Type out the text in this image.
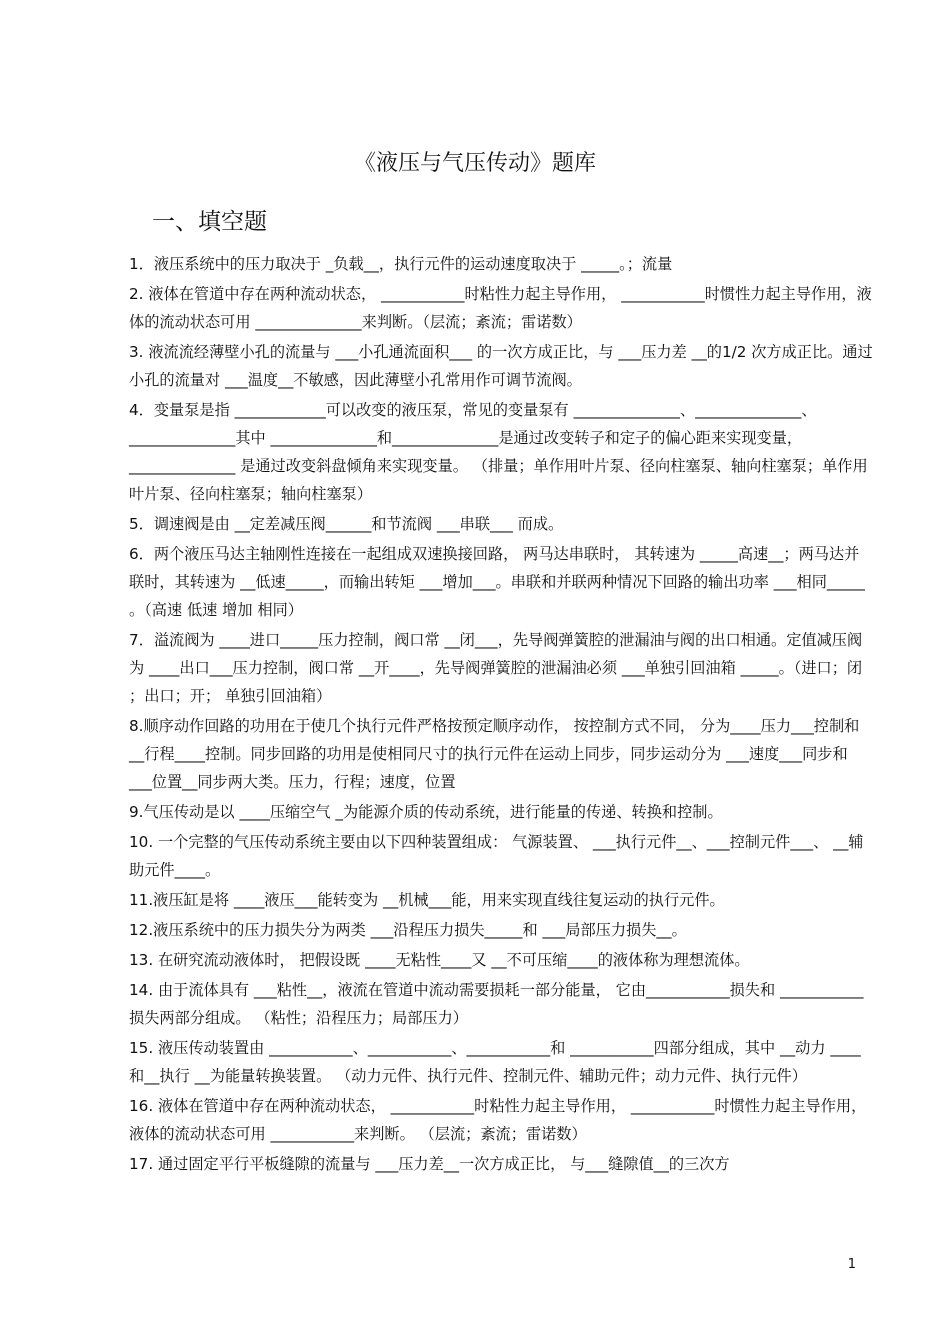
《液压与气压传动》题库
一、填空题

1．液压系统中的压力取决于 _负载__，执行元件的运动速度取决于 _____。；流量

2. 液体在管道中存在两种流动状态， ___________时粘性力起主导作用， ___________时惯性力起主导作用，液体的流动状态可用 ______________来判断。（层流；紊流；雷诺数）

3. 液流流经薄壁小孔的流量与 ___小孔通流面积___ 的一次方成正比，与 ___压力差 __的1/2 次方成正比。通过小孔的流量对 ___温度__不敏感，因此薄壁小孔常用作可调节流阀。

4．变量泵是指 ____________可以改变的液压泵，常见的变量泵有 ______________、______________、______________其中 ______________和______________是通过改变转子和定子的偏心距来实现变量， ______________ 是通过改变斜盘倾角来实现变量。 （排量；单作用叶片泵、径向柱塞泵、轴向柱塞泵；单作用叶片泵、径向柱塞泵；轴向柱塞泵）

5．调速阀是由 __定差减压阀______和节流阀 ___串联___ 而成。

6．两个液压马达主轴刚性连接在一起组成双速换接回路， 两马达串联时， 其转速为 _____高速__；两马达并联时，其转速为 __低速_____，而输出转矩 ___增加___。串联和并联两种情况下回路的输出功率 ___相同_____ 。（高速 低速 增加 相同）

7．溢流阀为 ____进口_____压力控制，阀口常 __闭___，先导阀弹簧腔的泄漏油与阀的出口相通。定值减压阀为 ____出口___压力控制，阀口常 __开____，先导阀弹簧腔的泄漏油必须 ___单独引回油箱 _____。（进口；闭 ；出口；开； 单独引回油箱）

8.顺序动作回路的功用在于使几个执行元件严格按预定顺序动作， 按控制方式不同， 分为____压力___控制和 __行程____控制。同步回路的功用是使相同尺寸的执行元件在运动上同步，同步运动分为 ___速度___同步和 ___位置__同步两大类。压力，行程；速度，位置

9.气压传动是以 ____压缩空气 _为能源介质的传动系统，进行能量的传递、转换和控制。

10. 一个完整的气压传动系统主要由以下四种装置组成： 气源装置、 ___执行元件__、___控制元件___、 __辅助元件____。

11.液压缸是将 ____液压___能转变为 __机械___能，用来实现直线往复运动的执行元件。

12.液压系统中的压力损失分为两类 ___沿程压力损失_____和 ___局部压力损失__。

13. 在研究流动液体时， 把假设既 ____无粘性____又 __不可压缩____的液体称为理想流体。

14. 由于流体具有 ___粘性__，液流在管道中流动需要损耗一部分能量， 它由___________损失和 ___________损失两部分组成。 （粘性；沿程压力；局部压力）

15. 液压传动装置由 ___________、___________、___________和 ___________四部分组成，其中 __动力 ____和__执行 __为能量转换装置。 （动力元件、执行元件、控制元件、辅助元件；动力元件、执行元件）

16. 液体在管道中存在两种流动状态， ___________时粘性力起主导作用， ___________时惯性力起主导作用，液体的流动状态可用 ___________来判断。 （层流；紊流；雷诺数）

17. 通过固定平行平板缝隙的流量与 ___压力差__一次方成正比， 与___缝隙值__的三次方

1
